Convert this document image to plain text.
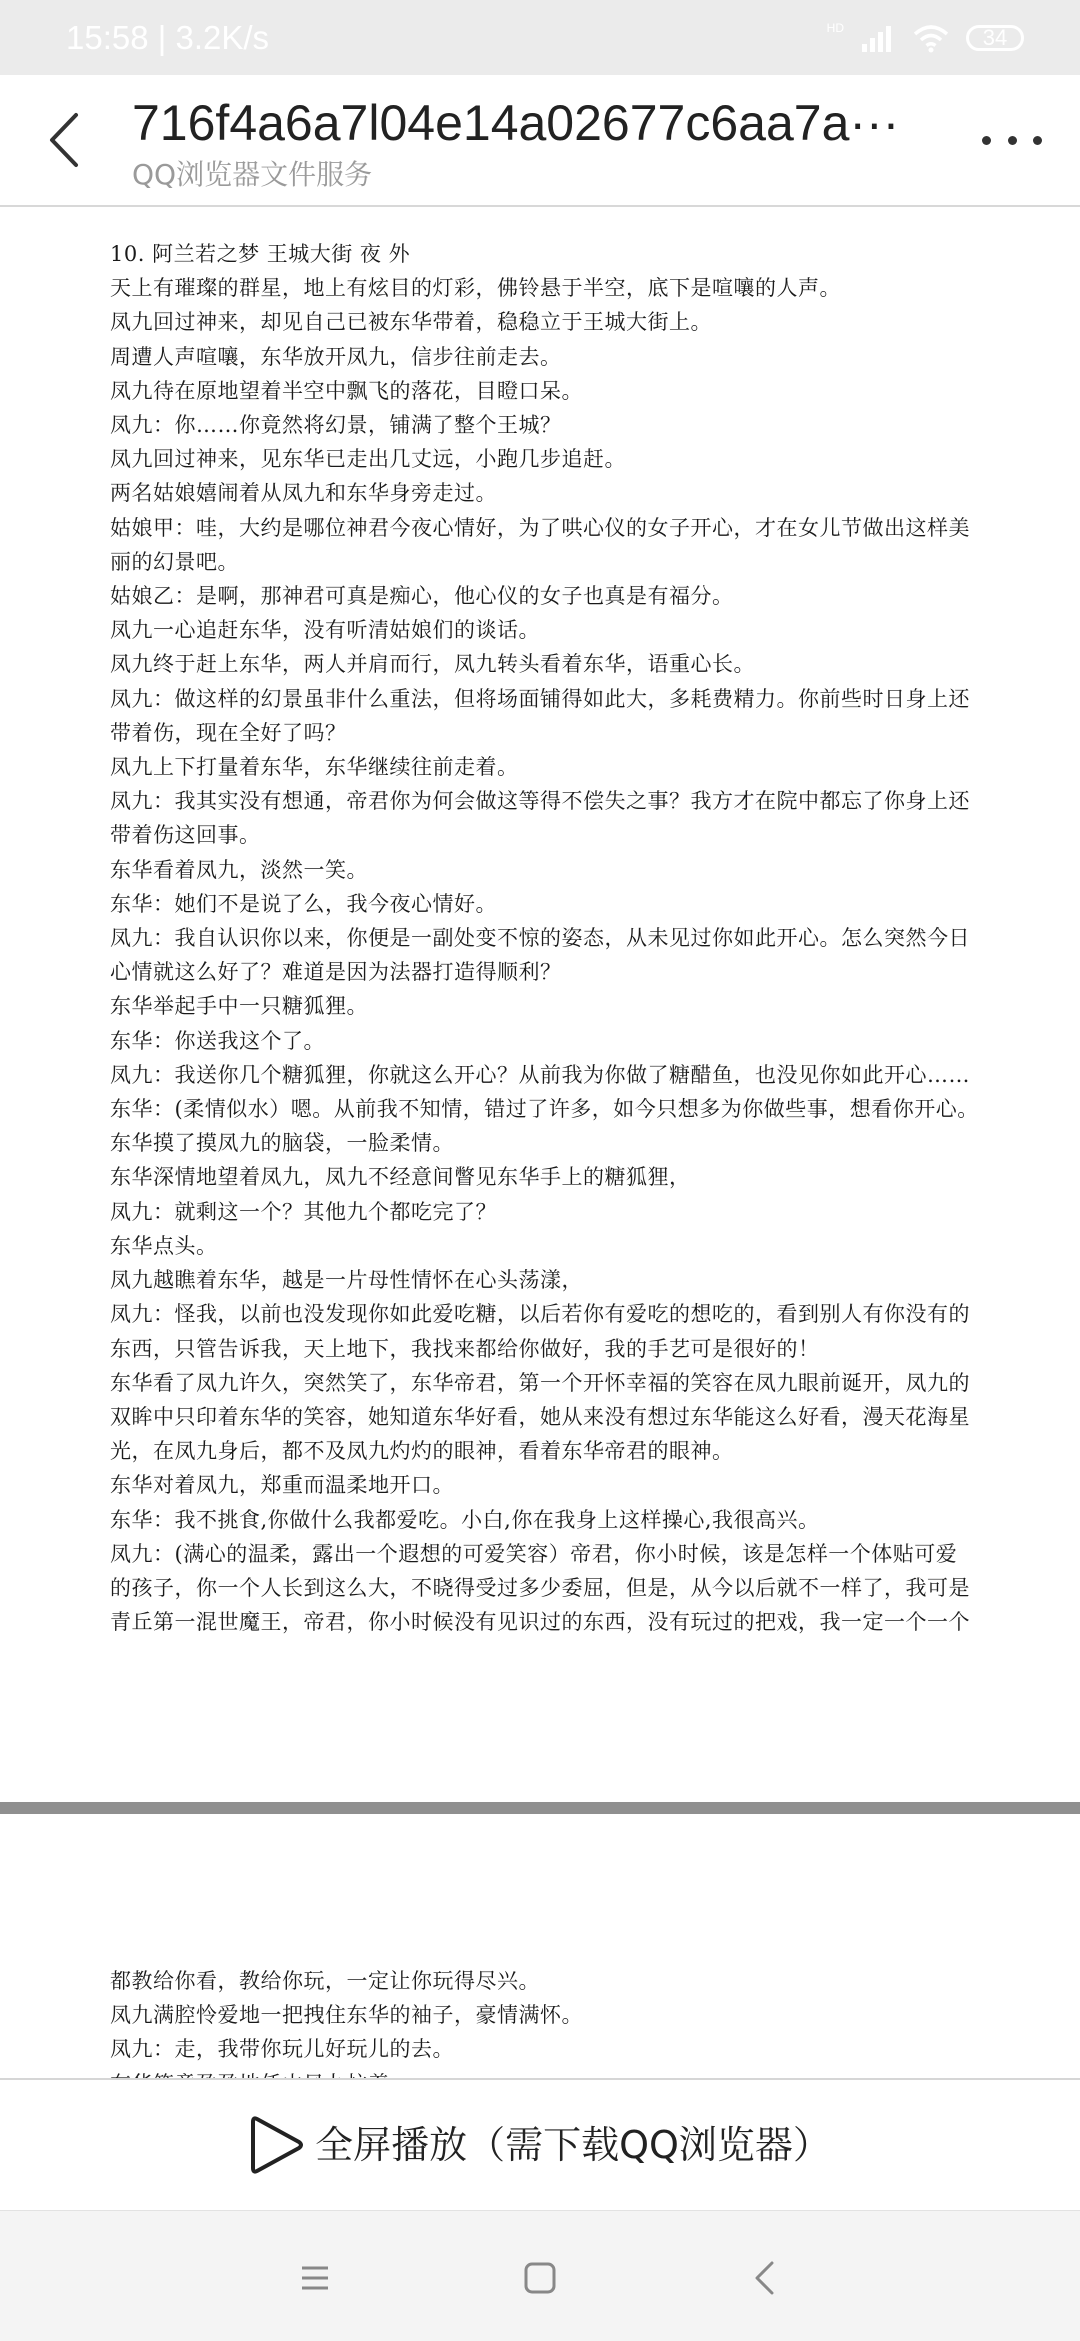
15:58 | 3.2K/s	HD	34
716f4a6a7l04e14a02677c6aa7a···
QQ浏览器文件服务

10. 阿兰若之梦 王城大街 夜 外

天上有璀璨的群星，地上有炫目的灯彩，佛铃悬于半空，底下是喧嚷的人声。

凤九回过神来，却见自己已被东华带着，稳稳立于王城大街上。

周遭人声喧嚷，东华放开凤九，信步往前走去。

凤九待在原地望着半空中飘飞的落花，目瞪口呆。

凤九：你……你竟然将幻景，铺满了整个王城？

凤九回过神来，见东华已走出几丈远，小跑几步追赶。

两名姑娘嬉闹着从凤九和东华身旁走过。

姑娘甲：哇，大约是哪位神君今夜心情好，为了哄心仪的女子开心，才在女儿节做出这样美

丽的幻景吧。

姑娘乙：是啊，那神君可真是痴心，他心仪的女子也真是有福分。

凤九一心追赶东华，没有听清姑娘们的谈话。

凤九终于赶上东华，两人并肩而行，凤九转头看着东华，语重心长。

凤九：做这样的幻景虽非什么重法，但将场面铺得如此大，多耗费精力。你前些时日身上还

带着伤，现在全好了吗？

凤九上下打量着东华，东华继续往前走着。

凤九：我其实没有想通，帝君你为何会做这等得不偿失之事？我方才在院中都忘了你身上还

带着伤这回事。

东华看着凤九，淡然一笑。

东华：她们不是说了么，我今夜心情好。

凤九：我自认识你以来，你便是一副处变不惊的姿态，从未见过你如此开心。怎么突然今日

心情就这么好了？难道是因为法器打造得顺利？

东华举起手中一只糖狐狸。

东华：你送我这个了。

凤九：我送你几个糖狐狸，你就这么开心？从前我为你做了糖醋鱼，也没见你如此开心……

东华：(柔情似水）嗯。从前我不知情，错过了许多，如今只想多为你做些事，想看你开心。

东华摸了摸凤九的脑袋，一脸柔情。

东华深情地望着凤九，凤九不经意间瞥见东华手上的糖狐狸，

凤九：就剩这一个？其他九个都吃完了？

东华点头。

凤九越瞧着东华，越是一片母性情怀在心头荡漾，

凤九：怪我，以前也没发现你如此爱吃糖，以后若你有爱吃的想吃的，看到别人有你没有的

东西，只管告诉我，天上地下，我找来都给你做好，我的手艺可是很好的！

东华看了凤九许久，突然笑了，东华帝君，第一个开怀幸福的笑容在凤九眼前诞开，凤九的

双眸中只印着东华的笑容，她知道东华好看，她从来没有想过东华能这么好看，漫天花海星

光，在凤九身后，都不及凤九灼灼的眼神，看着东华帝君的眼神。

东华对着凤九，郑重而温柔地开口。

东华：我不挑食,你做什么我都爱吃。小白,你在我身上这样操心,我很高兴。

凤九：(满心的温柔，露出一个遐想的可爱笑容）帝君，你小时候，该是怎样一个体贴可爱

的孩子，你一个人长到这么大，不晓得受过多少委屈，但是，从今以后就不一样了，我可是

青丘第一混世魔王，帝君，你小时候没有见识过的东西，没有玩过的把戏，我一定一个一个

都教给你看，教给你玩，一定让你玩得尽兴。

凤九满腔怜爱地一把拽住东华的袖子，豪情满怀。

凤九：走，我带你玩儿好玩儿的去。

全屏播放（需下载QQ浏览器）
